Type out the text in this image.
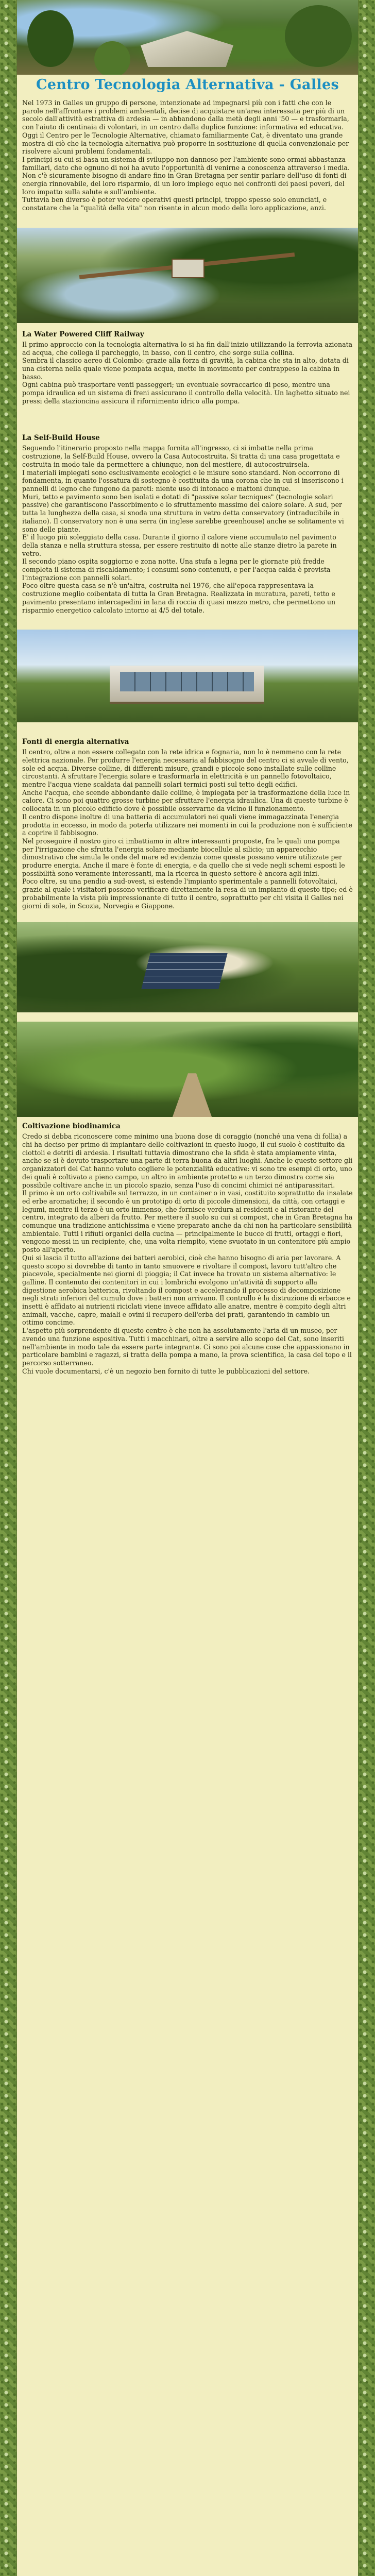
Centro Tecnologia Alternativa - Galles

Nel 1973 in Galles un gruppo di persone, intenzionate ad impegnarsi più con i fatti che con le parole nell'affrontare i problemi ambientali, decise di acquistare un'area interessata per più di un secolo dall'attività estrattiva di ardesia — in abbandono dalla metà degli anni '50 — e trasformarla, con l'aiuto di centinaia di volontari, in un centro dalla duplice funzione: informativa ed educativa.

Oggi il Centro per le Tecnologie Alternative, chiamato familiarmente Cat, è diventato una grande mostra di ciò che la tecnologia alternativa può proporre in sostituzione di quella convenzionale per risolvere alcuni problemi fondamentali.

I principi su cui si basa un sistema di sviluppo non dannoso per l'ambiente sono ormai abbastanza familiari, dato che ognuno di noi ha avuto l'opportunità di venirne a conoscenza attraverso i media. Non c'è sicuramente bisogno di andare fino in Gran Bretagna per sentir parlare dell'uso di fonti di energia rinnovabile, del loro risparmio, di un loro impiego equo nei confronti dei paesi poveri, del loro impatto sulla salute e sull'ambiente.

Tuttavia ben diverso è poter vedere operativi questi principi, troppo spesso solo enunciati, e constatare che la "qualità della vita" non risente in alcun modo della loro applicazione, anzi.

La Water Powered Cliff Railway

Il primo approccio con la tecnologia alternativa lo si ha fin dall'inizio utilizzando la ferrovia azionata ad acqua, che collega il parcheggio, in basso, con il centro, che sorge sulla collina.

Sembra il classico aereo di Colombo: grazie alla forza di gravità, la cabina che sta in alto, dotata di una cisterna nella quale viene pompata acqua, mette in movimento per contrappeso la cabina in basso.

Ogni cabina può trasportare venti passeggeri; un eventuale sovraccarico di peso, mentre una pompa idraulica ed un sistema di freni assicurano il controllo della velocità. Un laghetto situato nei pressi della stazioncina assicura il rifornimento idrico alla pompa.

La Self-Build House

Seguendo l'itinerario proposto nella mappa fornita all'ingresso, ci si imbatte nella prima costruzione, la Self-Build House, ovvero la Casa Autocostruita. Si tratta di una casa progettata e costruita in modo tale da permettere a chiunque, non del mestiere, di autocostruirsela.

I materiali impiegati sono esclusivamente ecologici e le misure sono standard. Non occorrono di fondamenta, in quanto l'ossatura di sostegno è costituita da una corona che in cui si inseriscono i pannelli di legno che fungono da pareti: niente uso di intonaco e mattoni dunque.

Muri, tetto e pavimento sono ben isolati e dotati di "passive solar tecniques" (tecnologie solari passive) che garantiscono l'assorbimento e lo sfruttamento massimo del calore solare. A sud, per tutta la lunghezza della casa, si snoda una struttura in vetro detta conservatory (intraducibile in italiano). Il conservatory non è una serra (in inglese sarebbe greenhouse) anche se solitamente vi sono delle piante.

E' il luogo più soleggiato della casa. Durante il giorno il calore viene accumulato nel pavimento della stanza e nella struttura stessa, per essere restituito di notte alle stanze dietro la parete in vetro.

Il secondo piano ospita soggiorno e zona notte. Una stufa a legna per le giornate più fredde completa il sistema di riscaldamento; i consumi sono contenuti, e per l'acqua calda è prevista l'integrazione con pannelli solari.

Poco oltre questa casa se n'è un'altra, costruita nel 1976, che all'epoca rappresentava la costruzione meglio coibentata di tutta la Gran Bretagna. Realizzata in muratura, pareti, tetto e pavimento presentano intercapedini in lana di roccia di quasi mezzo metro, che permettono un risparmio energetico calcolato intorno ai 4/5 del totale.

Fonti di energia alternativa

Il centro, oltre a non essere collegato con la rete idrica e fognaria, non lo è nemmeno con la rete elettrica nazionale. Per produrre l'energia necessaria al fabbisogno del centro ci si avvale di vento, sole ed acqua. Diverse colline, di differenti misure, grandi e piccole sono installate sulle colline circostanti. A sfruttare l'energia solare e trasformarla in elettricità è un pannello fotovoltaico, mentre l'acqua viene scaldata dai pannelli solari termici posti sul tetto degli edifici.

Anche l'acqua, che scende abbondante dalle colline, è impiegata per la trasformazione della luce in calore. Ci sono poi quattro grosse turbine per sfruttare l'energia idraulica. Una di queste turbine è collocata in un piccolo edificio dove è possibile osservarne da vicino il funzionamento.

Il centro dispone inoltre di una batteria di accumulatori nei quali viene immagazzinata l'energia prodotta in eccesso, in modo da poterla utilizzare nei momenti in cui la produzione non è sufficiente a coprire il fabbisogno.

Nel proseguire il nostro giro ci imbattiamo in altre interessanti proposte, fra le quali una pompa per l'irrigazione che sfrutta l'energia solare mediante biocellule al silicio; un apparecchio dimostrativo che simula le onde del mare ed evidenzia come queste possano venire utilizzate per produrre energia. Anche il mare è fonte di energia, e da quello che si vede negli schemi esposti le possibilità sono veramente interessanti, ma la ricerca in questo settore è ancora agli inizi.

Poco oltre, su una pendio a sud-ovest, si estende l'impianto sperimentale a pannelli fotovoltaici, grazie al quale i visitatori possono verificare direttamente la resa di un impianto di questo tipo; ed è probabilmente la vista più impressionante di tutto il centro, soprattutto per chi visita il Galles nei giorni di sole, in Scozia, Norvegia e Giappone.

Coltivazione biodinamica

Credo si debba riconoscere come minimo una buona dose di coraggio (nonché una vena di follia) a chi ha deciso per primo di impiantare delle coltivazioni in questo luogo, il cui suolo è costituito da ciottoli e detriti di ardesia. I risultati tuttavia dimostrano che la sfida è stata ampiamente vinta, anche se si è dovuto trasportare una parte di terra buona da altri luoghi. Anche le questo settore gli organizzatori del Cat hanno voluto cogliere le potenzialità educative: vi sono tre esempi di orto, uno dei quali è coltivato a pieno campo, un altro in ambiente protetto e un terzo dimostra come sia possibile coltivare anche in un piccolo spazio, senza l'uso di concimi chimici né antiparassitari.

Il primo è un orto coltivabile sul terrazzo, in un container o in vasi, costituito soprattutto da insalate ed erbe aromatiche; il secondo è un prototipo di orto di piccole dimensioni, da città, con ortaggi e legumi, mentre il terzo è un orto immenso, che fornisce verdura ai residenti e al ristorante del centro, integrato da alberi da frutto. Per mettere il suolo su cui si compost, che in Gran Bretagna ha comunque una tradizione antichissima e viene preparato anche da chi non ha particolare sensibilità ambientale. Tutti i rifiuti organici della cucina — principalmente le bucce di frutti, ortaggi e fiori, vengono messi in un recipiente, che, una volta riempito, viene svuotato in un contenitore più ampio posto all'aperto.

Qui si lascia il tutto all'azione dei batteri aerobici, cioè che hanno bisogno di aria per lavorare. A questo scopo si dovrebbe di tanto in tanto smuovere e rivoltare il compost, lavoro tutt'altro che piacevole, specialmente nei giorni di pioggia; il Cat invece ha trovato un sistema alternativo: le galline. Il contenuto dei contenitori in cui i lombrichi evolgono un'attività di supporto alla digestione aerobica batterica, rivoltando il compost e accelerando il processo di decomposizione negli strati inferiori del cumulo dove i batteri non arrivano. Il controllo è la distruzione di erbacce e insetti è affidato ai nutrienti riciclati viene invece affidato alle anatre, mentre è compito degli altri animali, vacche, capre, maiali e ovini il recupero dell'erba dei prati, garantendo in cambio un ottimo concime.

L'aspetto più sorprendente di questo centro è che non ha assolutamente l'aria di un museo, per avendo una funzione espositiva. Tutti i macchinari, oltre a servire allo scopo del Cat, sono inseriti nell'ambiente in modo tale da essere parte integrante. Ci sono poi alcune cose che appassionano in particolare bambini e ragazzi, si tratta della pompa a mano, la prova scientifica, la casa del topo e il percorso sotterraneo.

Chi vuole documentarsi, c'è un negozio ben fornito di tutte le pubblicazioni del settore.
